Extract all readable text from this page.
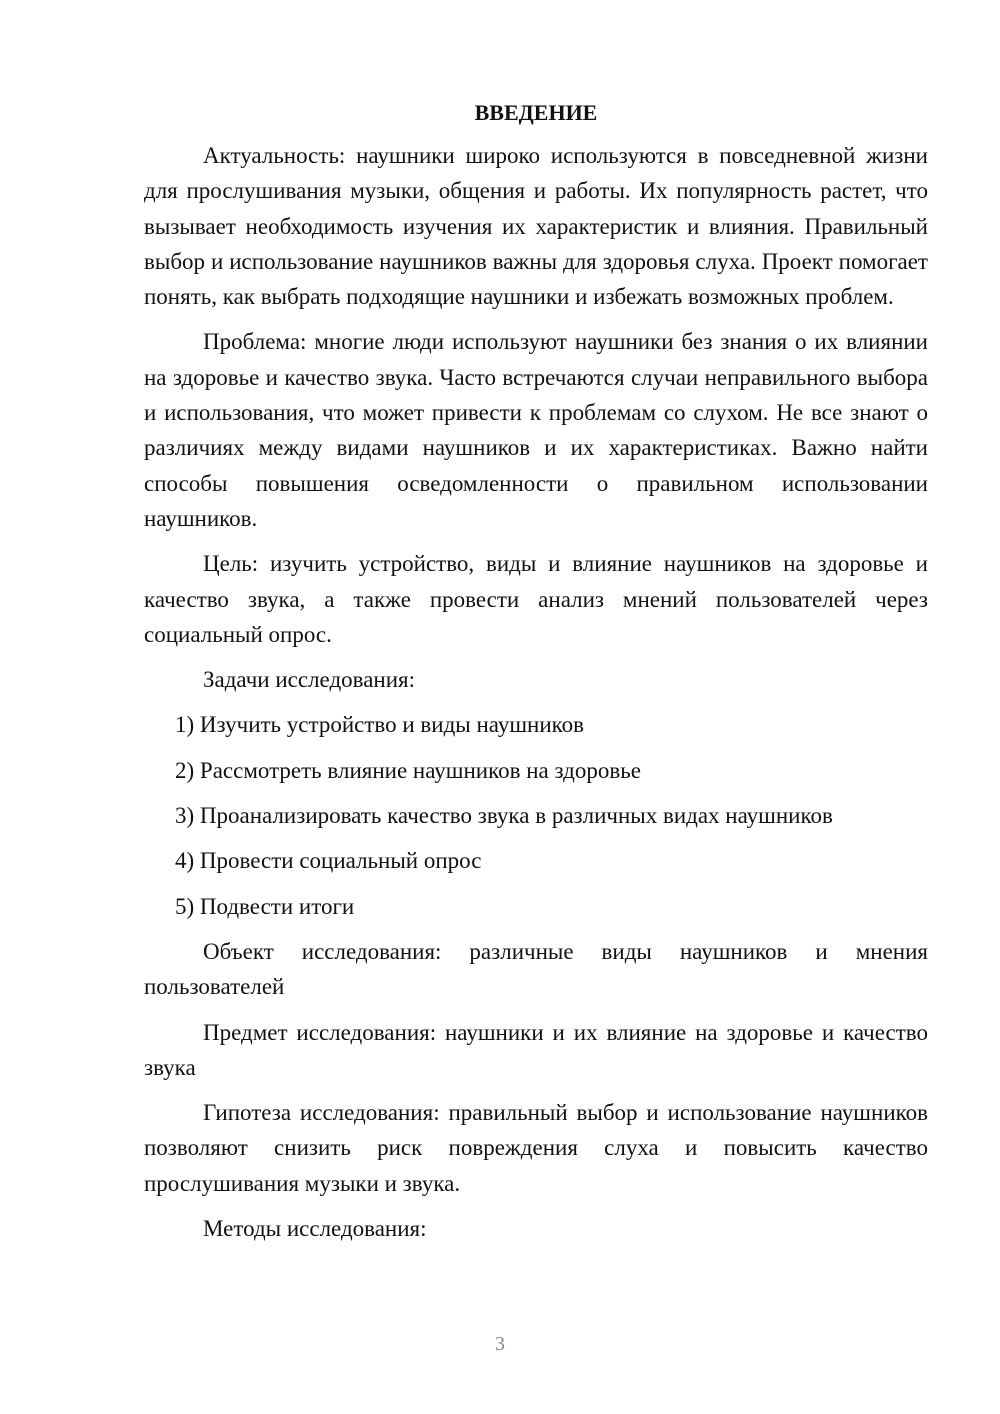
ВВЕДЕНИЕ

Актуальность: наушники широко используются в повседневной жизни для прослушивания музыки, общения и работы. Их популярность растет, что вызывает необходимость изучения их характеристик и влияния. Правильный выбор и использование наушников важны для здоровья слуха. Проект помогает понять, как выбрать подходящие наушники и избежать возможных проблем.

Проблема: многие люди используют наушники без знания о их влиянии на здоровье и качество звука. Часто встречаются случаи неправильного выбора и использования, что может привести к проблемам со слухом. Не все знают о различиях между видами наушников и их характеристиках. Важно найти способы повышения осведомленности о правильном использовании наушников.

Цель: изучить устройство, виды и влияние наушников на здоровье и качество звука, а также провести анализ мнений пользователей через социальный опрос.

Задачи исследования:

1) Изучить устройство и виды наушников
2) Рассмотреть влияние наушников на здоровье
3) Проанализировать качество звука в различных видах наушников
4) Провести социальный опрос
5) Подвести итоги

Объект исследования: различные виды наушников и мнения пользователей

Предмет исследования: наушники и их влияние на здоровье и качество звука

Гипотеза исследования: правильный выбор и использование наушников позволяют снизить риск повреждения слуха и повысить качество прослушивания музыки и звука.

Методы исследования:

3
